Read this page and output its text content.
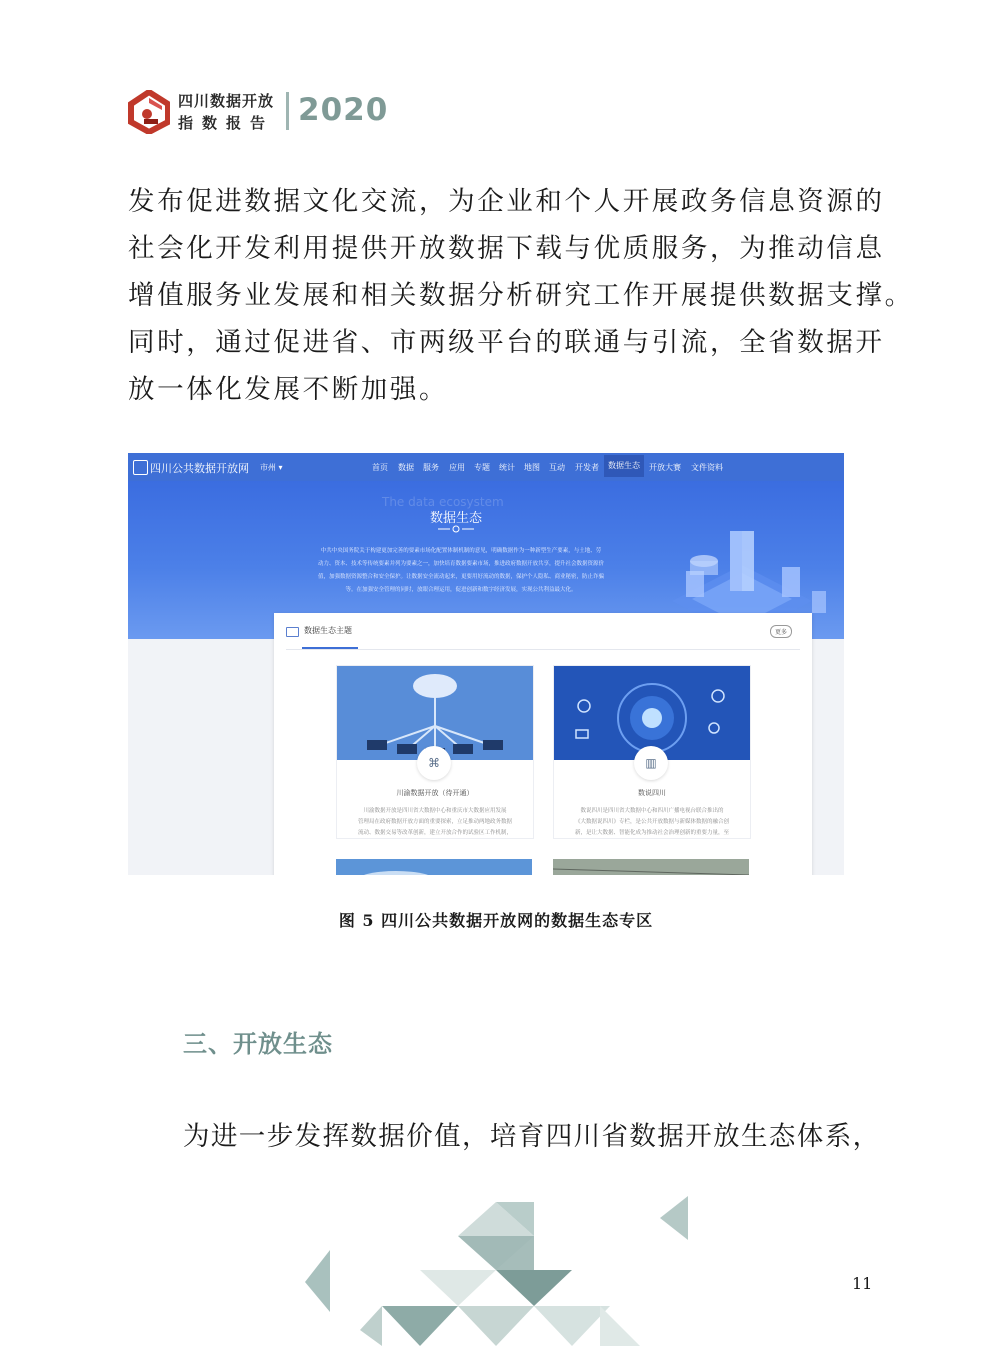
四川数据开放
指数报告 2020

发布促进数据文化交流，为企业和个人开展政务信息资源的
社会化开发利用提供开放数据下载与优质服务，为推动信息
增值服务业发展和相关数据分析研究工作开展提供数据支撑。
同时，通过促进省、市两级平台的联通与引流，全省数据开
放一体化发展不断加强。

四川公共数据开放网 市州 ▾	首页 数据 服务 应用 专题 统计 地图 互动 开发者	数据生态	开放大赛 文件资料
The data ecosystem
数据生态
中共中央国务院关于构建更加完善的要素市场化配置体制机制的意见，明确数据作为一种新型生产要素，与土地、劳
动力、资本、技术等传统要素并列为要素之一，加快培育数据要素市场，推进政府数据开放共享，提升社会数据资源价
值，加强数据资源整合和安全保护。让数据安全流动起来，更要用好流动的数据，保护个人隐私、商业秘密，防止诈骗
等。在加强安全管理的同时，放眼合理运用，促进创新和数字经济发展，实现公共利益最大化。
数据生态主题	更多
⌘
川渝数据开放（待开通）
川渝数据开放是四川省大数据中心和重庆市大数据应用发展
管理局在政府数据开放方面的重要探索，立足推动两地政务数据
流动、数据交易等改革创新，建立开放合作的试验区工作机制，
▥
数说四川
数说四川是四川省大数据中心和四川广播电视台联合推出的
《大数据说四川》专栏，是公共开放数据与新媒体数据的融合创
新，是让大数据、智能化成为推动社会治理创新的重要力量，至
图 5 四川公共数据开放网的数据生态专区
三、开放生态
为进一步发挥数据价值，培育四川省数据开放生态体系，
11
